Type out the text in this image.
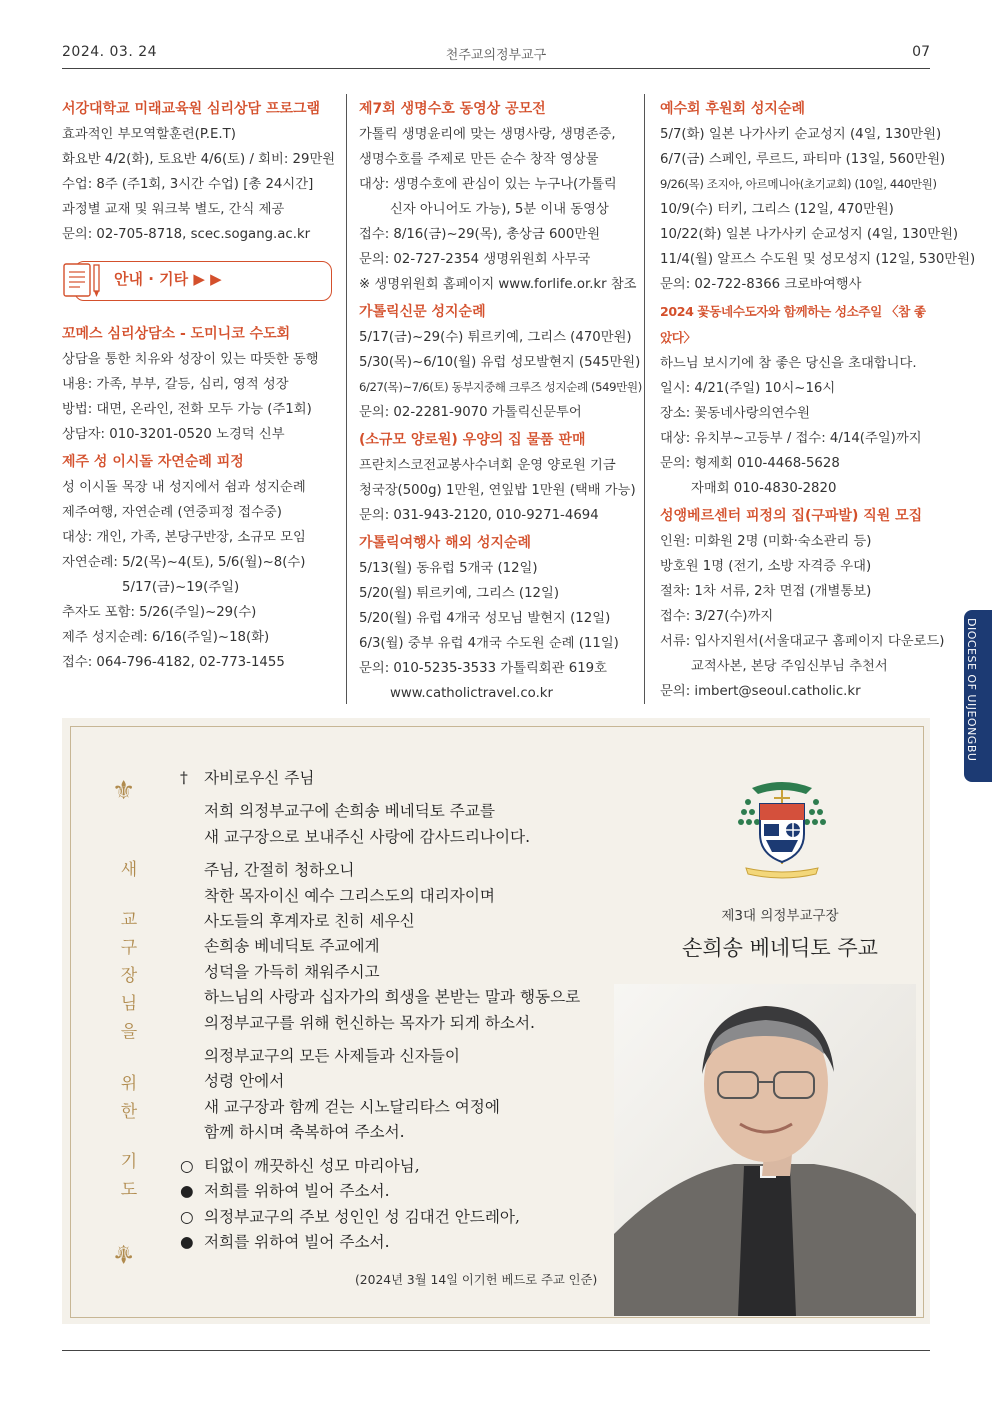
2024. 03. 24	천주교의정부교구	07
서강대학교 미래교육원 심리상담 프로그램
효과적인 부모역할훈련(P.E.T)
화요반 4/2(화), 토요반 4/6(토) / 회비: 29만원
수업: 8주 (주1회, 3시간 수업) [총 24시간]
과정별 교재 및 워크북 별도, 간식 제공
문의: 02-705-8718, scec.sogang.ac.kr
안내 · 기타 ▶ ▶
꼬메스 심리상담소 - 도미니코 수도회
상담을 통한 치유와 성장이 있는 따뜻한 동행
내용: 가족, 부부, 갈등, 심리, 영적 성장
방법: 대면, 온라인, 전화 모두 가능 (주1회)
상담자: 010-3201-0520 노경덕 신부
제주 성 이시돌 자연순례 피정
성 이시돌 목장 내 성지에서 쉼과 성지순례
제주여행, 자연순례 (연중피정 접수중)
대상: 개인, 가족, 본당구반장, 소규모 모임
자연순례: 5/2(목)~4(토), 5/6(월)~8(수)
5/17(금)~19(주일)
추자도 포함: 5/26(주일)~29(수)
제주 성지순례: 6/16(주일)~18(화)
접수: 064-796-4182, 02-773-1455
제7회 생명수호 동영상 공모전
가톨릭 생명윤리에 맞는 생명사랑, 생명존중,
생명수호를 주제로 만든 순수 창작 영상물
대상: 생명수호에 관심이 있는 누구나(가톨릭
신자 아니어도 가능), 5분 이내 동영상
접수: 8/16(금)~29(목), 총상금 600만원
문의: 02-727-2354 생명위원회 사무국
※ 생명위원회 홈페이지 www.forlife.or.kr 참조
가톨릭신문 성지순례
5/17(금)~29(수) 튀르키예, 그리스 (470만원)
5/30(목)~6/10(월) 유럽 성모발현지 (545만원)
6/27(목)~7/6(토) 동부지중해 크루즈 성지순례 (549만원)
문의: 02-2281-9070 가톨릭신문투어
(소규모 양로원) 우양의 집 물품 판매
프란치스코전교봉사수녀회 운영 양로원 기금
청국장(500g) 1만원, 연잎밥 1만원 (택배 가능)
문의: 031-943-2120, 010-9271-4694
가톨릭여행사 해외 성지순례
5/13(월) 동유럽 5개국 (12일)
5/20(월) 튀르키예, 그리스 (12일)
5/20(월) 유럽 4개국 성모님 발현지 (12일)
6/3(월) 중부 유럽 4개국 수도원 순례 (11일)
문의: 010-5235-3533 가톨릭회관 619호
www.catholictravel.co.kr
예수회 후원회 성지순례
5/7(화) 일본 나가사키 순교성지 (4일, 130만원)
6/7(금) 스페인, 루르드, 파티마 (13일, 560만원)
9/26(목) 조지아, 아르메니아(초기교회) (10일, 440만원)
10/9(수) 터키, 그리스 (12일, 470만원)
10/22(화) 일본 나가사키 순교성지 (4일, 130만원)
11/4(월) 알프스 수도원 및 성모성지 (12일, 530만원)
문의: 02-722-8366 크로바여행사
2024 꽃동네수도자와 함께하는 성소주일 〈참 좋았다〉
하느님 보시기에 참 좋은 당신을 초대합니다.
일시: 4/21(주일) 10시~16시
장소: 꽃동네사랑의연수원
대상: 유치부~고등부 / 접수: 4/14(주일)까지
문의: 형제회 010-4468-5628
자매회 010-4830-2820
성앵베르센터 피정의 집(구파발) 직원 모집
인원: 미화원 2명 (미화·숙소관리 등)
방호원 1명 (전기, 소방 자격증 우대)
절차: 1차 서류, 2차 면접 (개별통보)
접수: 3/27(수)까지
서류: 입사지원서(서울대교구 홈페이지 다운로드)
교적사본, 본당 주임신부님 추천서
문의: imbert@seoul.catholic.kr	DIOCESE OF UIJEONGBU
⚜
새
교
구
장
님
을
위
한
기
도
⚜
† 자비로우신 주님
저희 의정부교구에 손희송 베네딕토 주교를
새 교구장으로 보내주신 사랑에 감사드리나이다.
주님, 간절히 청하오니
착한 목자이신 예수 그리스도의 대리자이며
사도들의 후계자로 친히 세우신
손희송 베네딕토 주교에게
성덕을 가득히 채워주시고
하느님의 사랑과 십자가의 희생을 본받는 말과 행동으로
의정부교구를 위해 헌신하는 목자가 되게 하소서.
의정부교구의 모든 사제들과 신자들이
성령 안에서
새 교구장과 함께 걷는 시노달리타스 여정에
함께 하시며 축복하여 주소서.
○ 티없이 깨끗하신 성모 마리아님,
● 저희를 위하여 빌어 주소서.
○ 의정부교구의 주보 성인인 성 김대건 안드레아,
● 저희를 위하여 빌어 주소서.
(2024년 3월 14일 이기헌 베드로 주교 인준)
제3대 의정부교구장
손희송 베네딕토 주교
